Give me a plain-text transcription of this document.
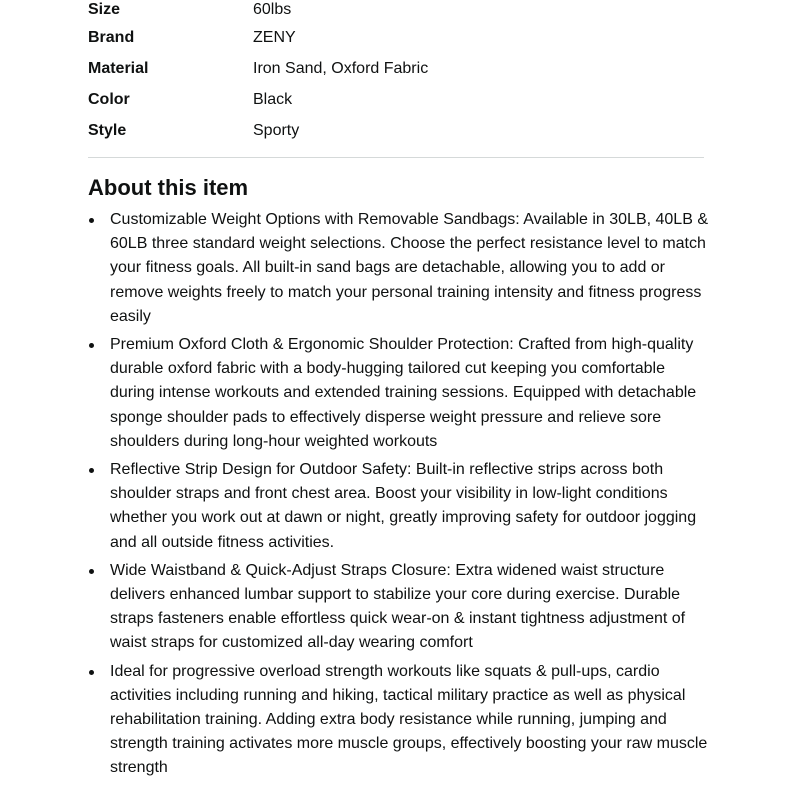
Size	60lbs
Brand	ZENY
Material	Iron Sand, Oxford Fabric
Color	Black
Style	Sporty
About this item
Customizable Weight Options with Removable Sandbags: Available in 30LB, 40LB & 60LB three standard weight selections. Choose the perfect resistance level to match your fitness goals. All built-in sand bags are detachable, allowing you to add or remove weights freely to match your personal training intensity and fitness progress easily
Premium Oxford Cloth & Ergonomic Shoulder Protection: Crafted from high-quality durable oxford fabric with a body-hugging tailored cut keeping you comfortable during intense workouts and extended training sessions. Equipped with detachable sponge shoulder pads to effectively disperse weight pressure and relieve sore shoulders during long-hour weighted workouts
Reflective Strip Design for Outdoor Safety: Built-in reflective strips across both shoulder straps and front chest area. Boost your visibility in low-light conditions whether you work out at dawn or night, greatly improving safety for outdoor jogging and all outside fitness activities.
Wide Waistband & Quick-Adjust Straps Closure: Extra widened waist structure delivers enhanced lumbar support to stabilize your core during exercise. Durable straps fasteners enable effortless quick wear-on & instant tightness adjustment of waist straps for customized all-day wearing comfort
Ideal for progressive overload strength workouts like squats & pull-ups, cardio activities including running and hiking, tactical military practice as well as physical rehabilitation training. Adding extra body resistance while running, jumping and strength training activates more muscle groups, effectively boosting your raw muscle strength
